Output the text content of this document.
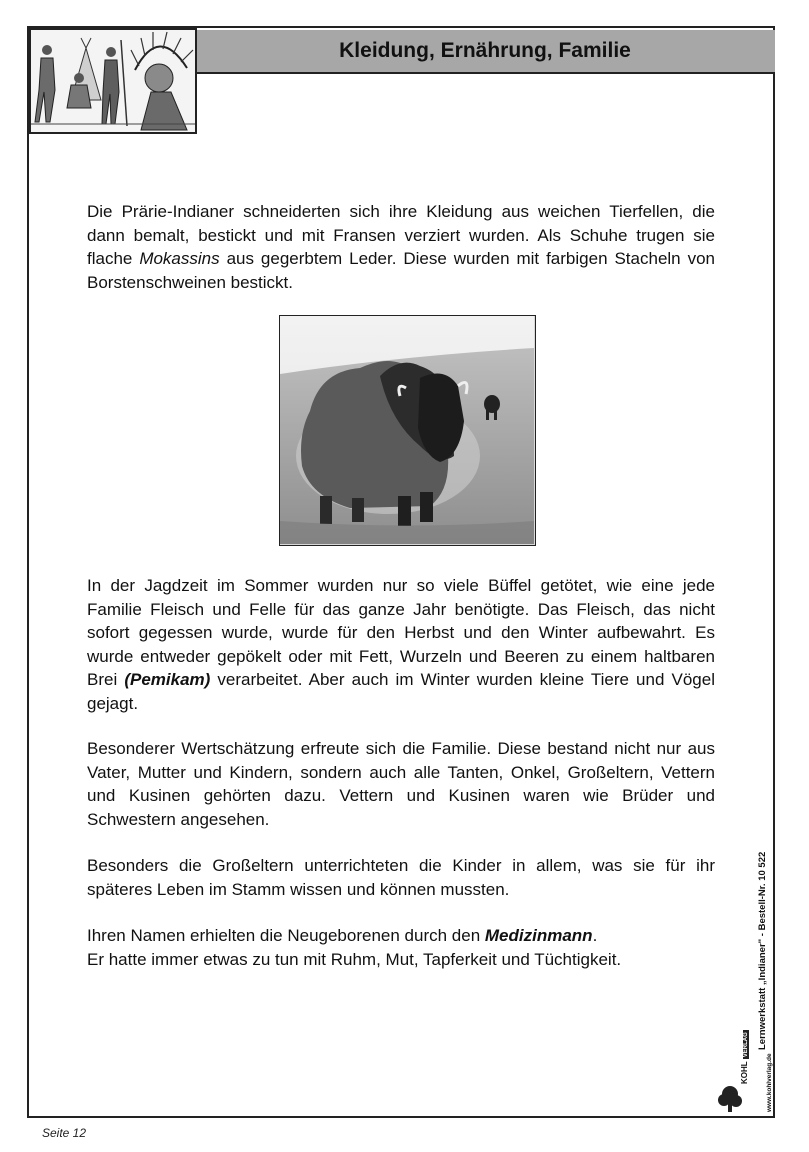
Kleidung, Ernährung, Familie

Die Prärie-Indianer schneiderten sich ihre Kleidung aus weichen Tierfellen, die dann bemalt, bestickt und mit Fransen verziert wurden. Als Schuhe trugen sie flache Mokassins aus gegerbtem Leder. Diese wurden mit farbigen Stacheln von Borstenschweinen bestickt.

In der Jagdzeit im Sommer wurden nur so viele Büffel getötet, wie eine jede Familie Fleisch und Felle für das ganze Jahr benötigte. Das Fleisch, das nicht sofort gegessen wurde, wurde für den Herbst und den Winter aufbewahrt. Es wurde entweder gepökelt oder mit Fett, Wurzeln und Beeren zu einem haltbaren Brei (Pemikam) verarbeitet. Aber auch im Winter wurden kleine Tiere und Vögel gejagt.

Besonderer Wertschätzung erfreute sich die Familie. Diese bestand nicht nur aus Vater, Mutter und Kindern, sondern auch alle Tanten, Onkel, Großeltern, Vettern und Kusinen gehörten dazu. Vettern und Kusinen waren wie Brüder und Schwestern angesehen.

Besonders die Großeltern unterrichteten die Kinder in allem, was sie für ihr späteres Leben im Stamm wissen und können mussten.

Ihren Namen erhielten die Neugeborenen durch den Medizinmann.
Er hatte immer etwas zu tun mit Ruhm, Mut, Tapferkeit und Tüchtigkeit.	Lernwerkstatt „Indianer" - Bestell-Nr. 10 522
www.kohlverlag.de
KOHL VERLAG
Seite 12
